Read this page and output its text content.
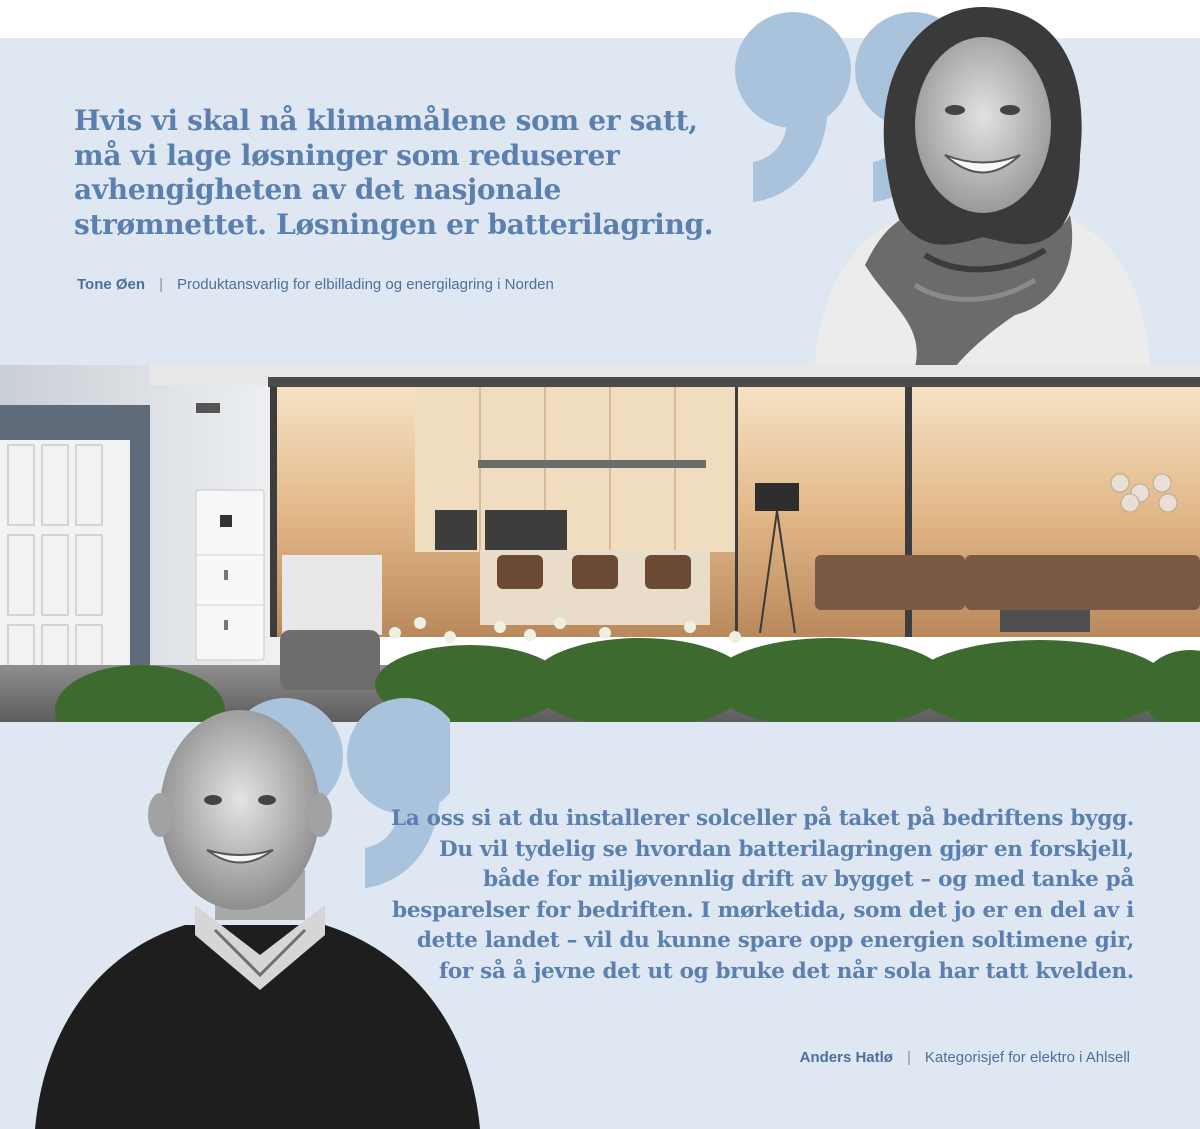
Hvis vi skal nå klimamålene som er satt, må vi lage løsninger som reduserer avhengigheten av det nasjonale strømnettet. Løsningen er batterilagring.
Tone Øen | Produktansvarlig for elbillading og energilagring i Norden
La oss si at du installerer solceller på taket på bedriftens bygg. Du vil tydelig se hvordan batterilagringen gjør en forskjell, både for miljøvennlig drift av bygget – og med tanke på besparelser for bedriften. I mørketida, som det jo er en del av i dette landet – vil du kunne spare opp energien soltimene gir, for så å jevne det ut og bruke det når sola har tatt kvelden.
Anders Hatlø | Kategorisjef for elektro i Ahlsell
